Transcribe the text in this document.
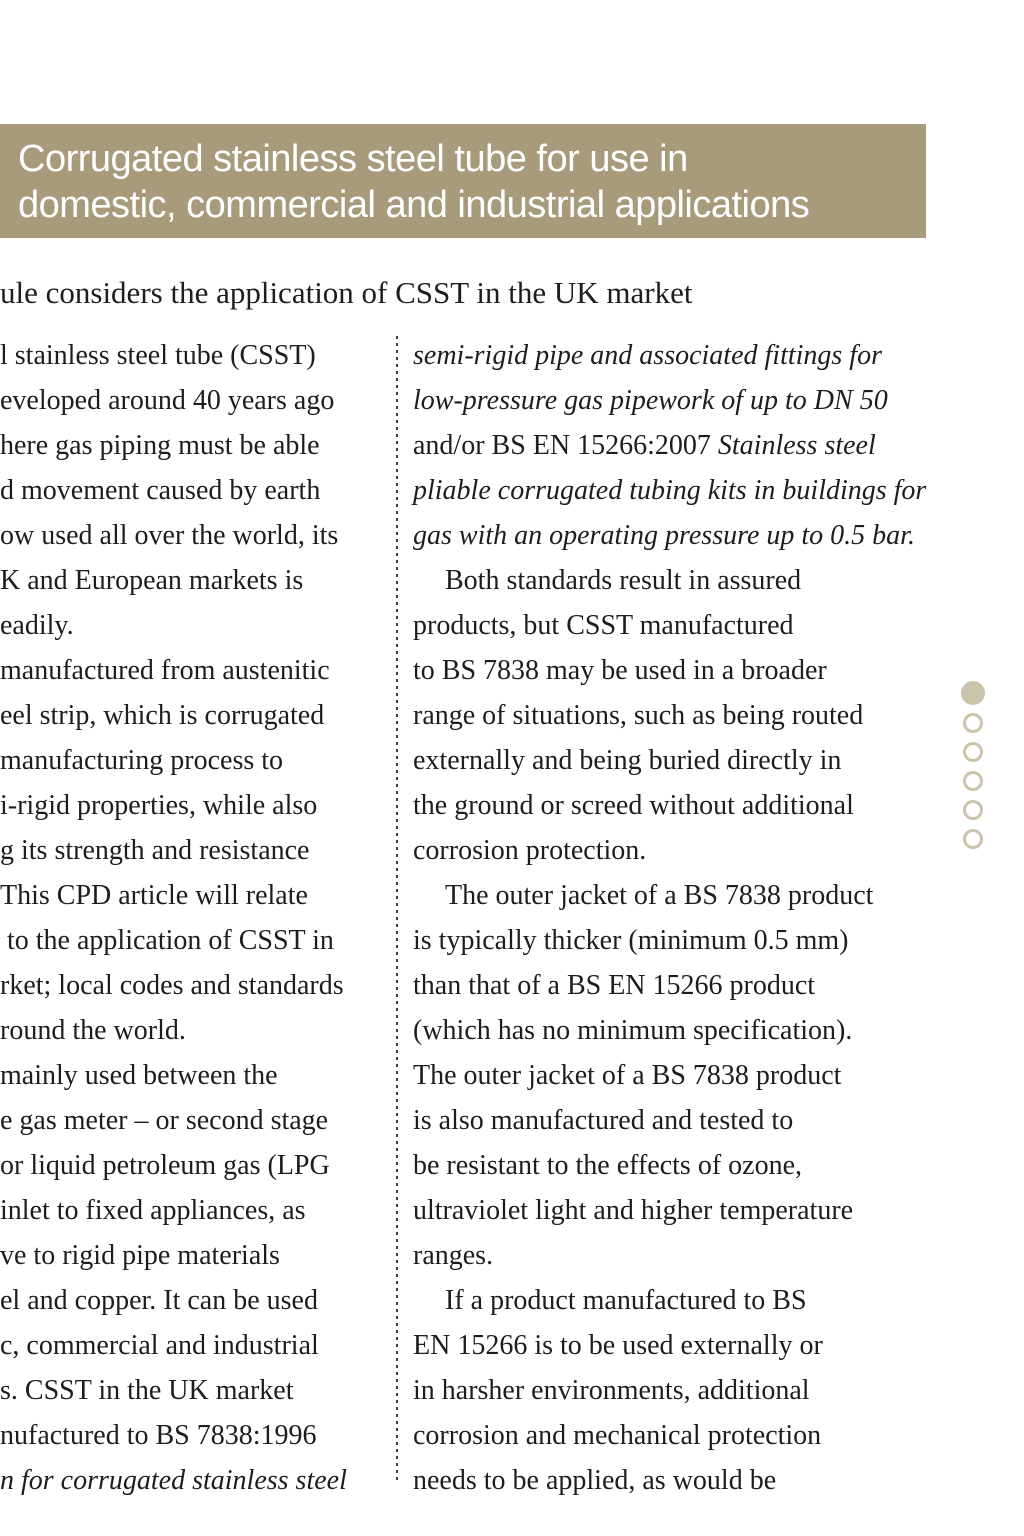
Corrugated stainless steel tube for use in
domestic, commercial and industrial applications
ule considers the application of CSST in the UK market
l stainless steel tube (CSST)
eveloped around 40 years ago
here gas piping must be able
d movement caused by earth
ow used all over the world, its
K and European markets is
eadily.
manufactured from austenitic
eel strip, which is corrugated
manufacturing process to
i-rigid properties, while also
g its strength and resistance
This CPD article will relate
to the application of CSST in
rket; local codes and standards
round the world.
mainly used between the
e gas meter – or second stage
or liquid petroleum gas (LPG
inlet to fixed appliances, as
ve to rigid pipe materials
el and copper. It can be used
c, commercial and industrial
s. CSST in the UK market
nufactured to BS 7838:1996
n for corrugated stainless steel
semi-rigid pipe and associated fittings for
low-pressure gas pipework of up to DN 50
and/or BS EN 15266:2007 Stainless steel
pliable corrugated tubing kits in buildings for
gas with an operating pressure up to 0.5 bar.
Both standards result in assured
products, but CSST manufactured
to BS 7838 may be used in a broader
range of situations, such as being routed
externally and being buried directly in
the ground or screed without additional
corrosion protection.
The outer jacket of a BS 7838 product
is typically thicker (minimum 0.5 mm)
than that of a BS EN 15266 product
(which has no minimum specification).
The outer jacket of a BS 7838 product
is also manufactured and tested to
be resistant to the effects of ozone,
ultraviolet light and higher temperature
ranges.
If a product manufactured to BS
EN 15266 is to be used externally or
in harsher environments, additional
corrosion and mechanical protection
needs to be applied, as would be
